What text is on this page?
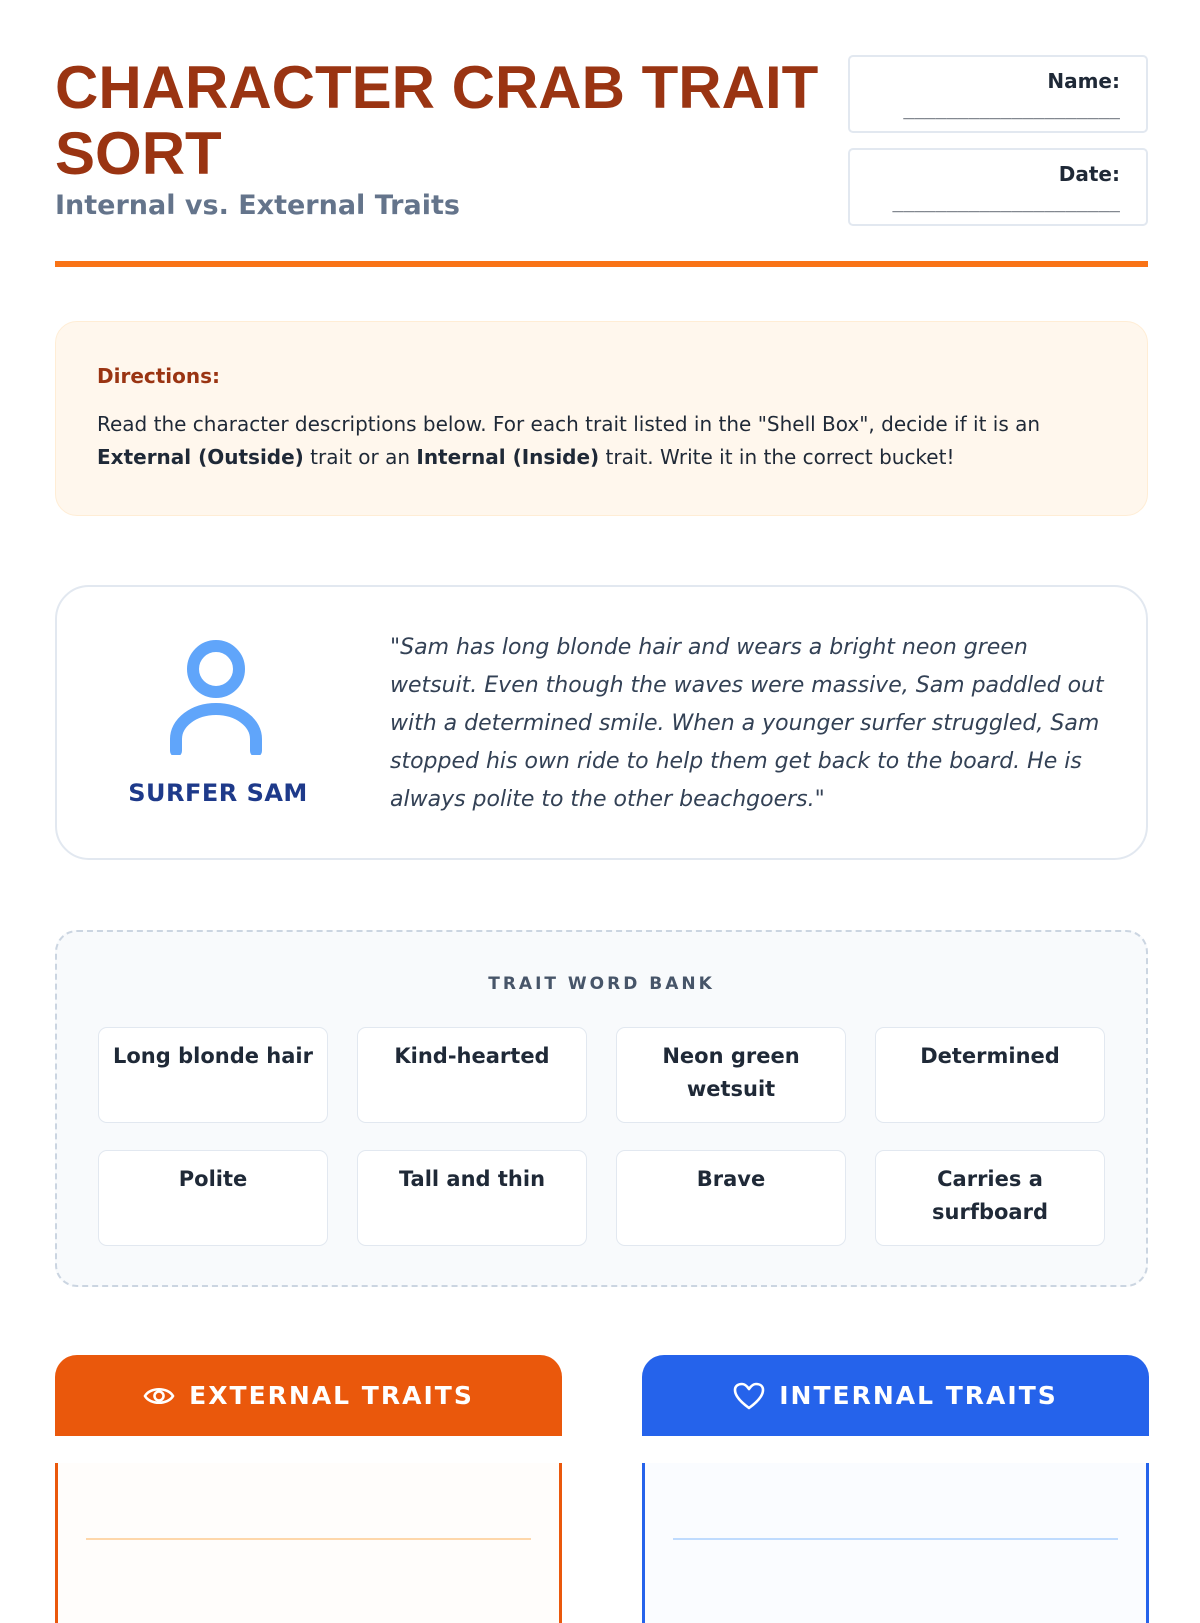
CHARACTER CRAB TRAIT SORT

Internal vs. External Traits

Name:
____________________
Date:
_____________________

Directions:

Read the character descriptions below. For each trait listed in the "Shell Box", decide if it is an External (Outside) trait or an Internal (Inside) trait. Write it in the correct bucket!

SURFER SAM

"Sam has long blonde hair and wears a bright neon green wetsuit. Even though the waves were massive, Sam paddled out with a determined smile. When a younger surfer struggled, Sam stopped his own ride to help them get back to the board. He is always polite to the other beachgoers."

TRAIT WORD BANK
Long blonde hair	Kind-hearted	Neon green wetsuit
Determined
Polite	Tall and thin	Brave	Carries a surfboard
EXTERNAL TRAITS	INTERNAL TRAITS
